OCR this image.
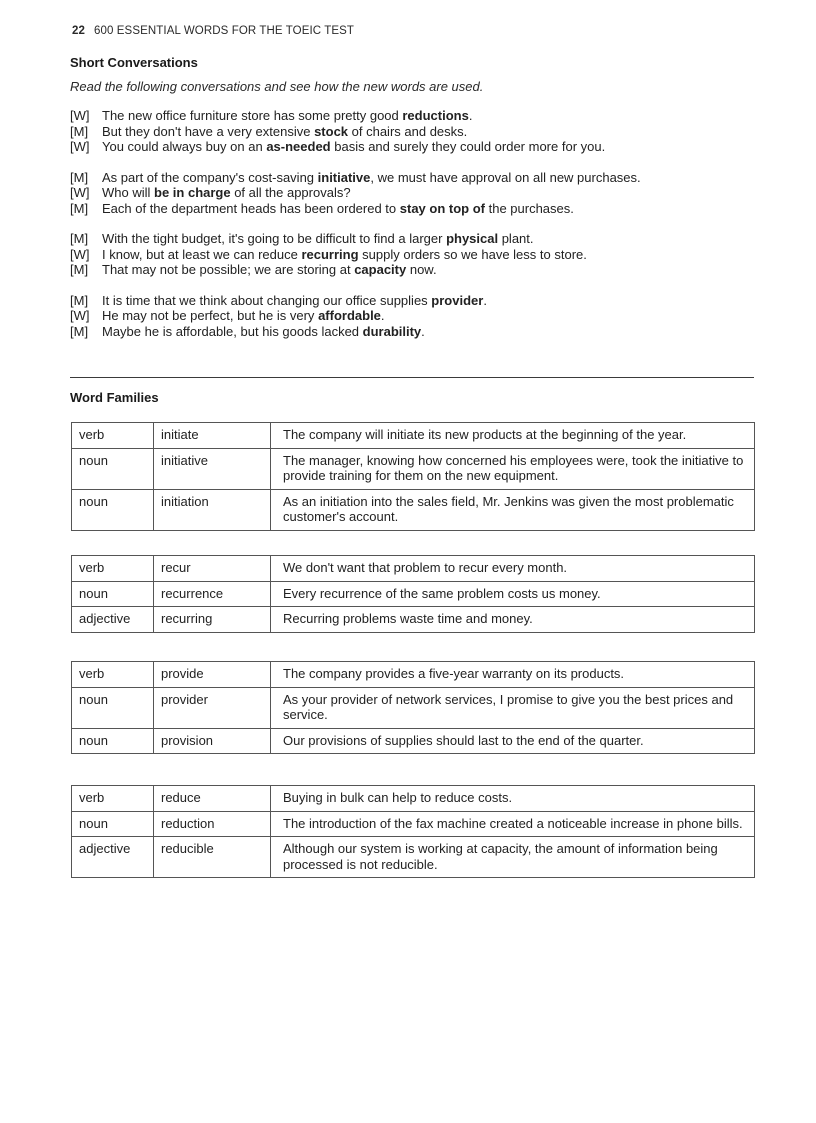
22 600 ESSENTIAL WORDS FOR THE TOEIC TEST
Short Conversations
Read the following conversations and see how the new words are used.
[W] The new office furniture store has some pretty good reductions.
[M] But they don't have a very extensive stock of chairs and desks.
[W] You could always buy on an as-needed basis and surely they could order more for you.
[M] As part of the company's cost-saving initiative, we must have approval on all new purchases.
[W] Who will be in charge of all the approvals?
[M] Each of the department heads has been ordered to stay on top of the purchases.
[M] With the tight budget, it's going to be difficult to find a larger physical plant.
[W] I know, but at least we can reduce recurring supply orders so we have less to store.
[M] That may not be possible; we are storing at capacity now.
[M] It is time that we think about changing our office supplies provider.
[W] He may not be perfect, but he is very affordable.
[M] Maybe he is affordable, but his goods lacked durability.
Word Families
verb	initiate	The company will initiate its new products at the beginning of the year.
noun	initiative	The manager, knowing how concerned his employees were, took the initiative to provide training for them on the new equipment.
noun	initiation	As an initiation into the sales field, Mr. Jenkins was given the most problematic customer's account.
verb	recur	We don't want that problem to recur every month.
noun	recurrence	Every recurrence of the same problem costs us money.
adjective	recurring	Recurring problems waste time and money.
verb	provide	The company provides a five-year warranty on its products.
noun	provider	As your provider of network services, I promise to give you the best prices and service.
noun	provision	Our provisions of supplies should last to the end of the quarter.
verb	reduce	Buying in bulk can help to reduce costs.
noun	reduction	The introduction of the fax machine created a noticeable increase in phone bills.
adjective	reducible	Although our system is working at capacity, the amount of information being processed is not reducible.
